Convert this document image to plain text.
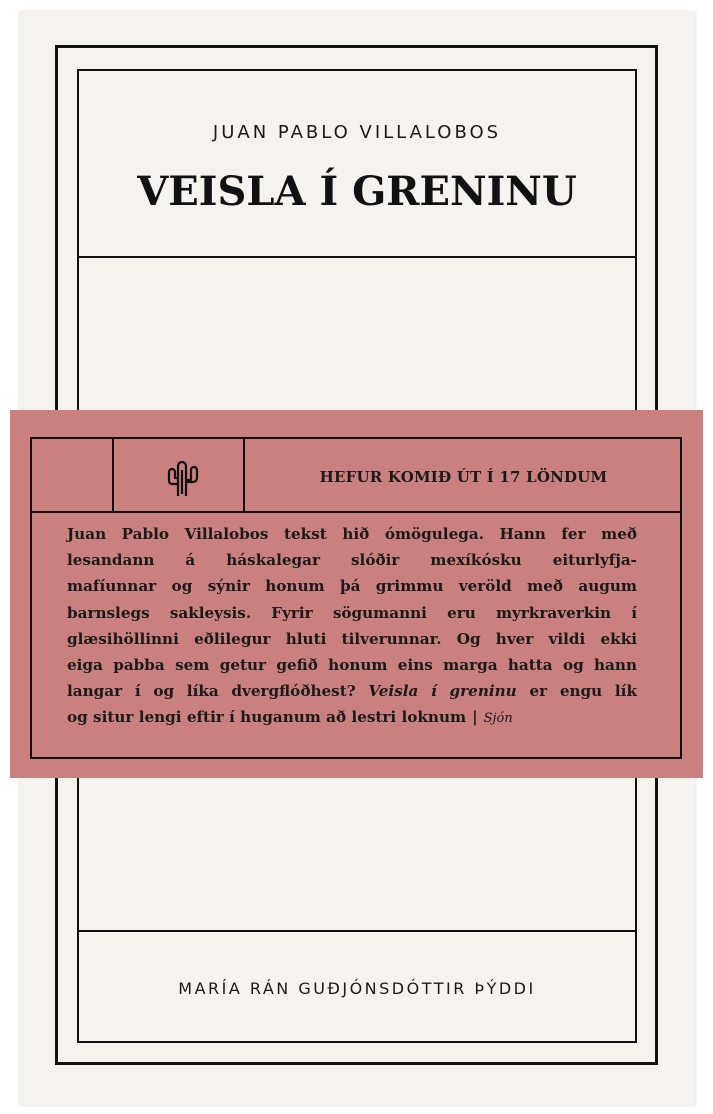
JUAN PABLO VILLALOBOS
VEISLA Í GRENINU
MARÍA RÁN GUÐJÓNSDÓTTIR ÞÝDDI
HEFUR KOMIÐ ÚT Í 17 LÖNDUM
Juan Pablo Villalobos tekst hið ómögulega. Hann fer með
lesandann á háskalegar slóðir mexíkósku eiturlyfja-
mafíunnar og sýnir honum þá grimmu veröld með augum
barnslegs sakleysis. Fyrir sögumanni eru myrkraverkin í
glæsihöllinni eðlilegur hluti tilverunnar. Og hver vildi ekki
eiga pabba sem getur gefið honum eins marga hatta og hann
langar í og líka dvergflóðhest? Veisla í greninu er engu lík
og situr lengi eftir í huganum að lestri loknum | Sjón
